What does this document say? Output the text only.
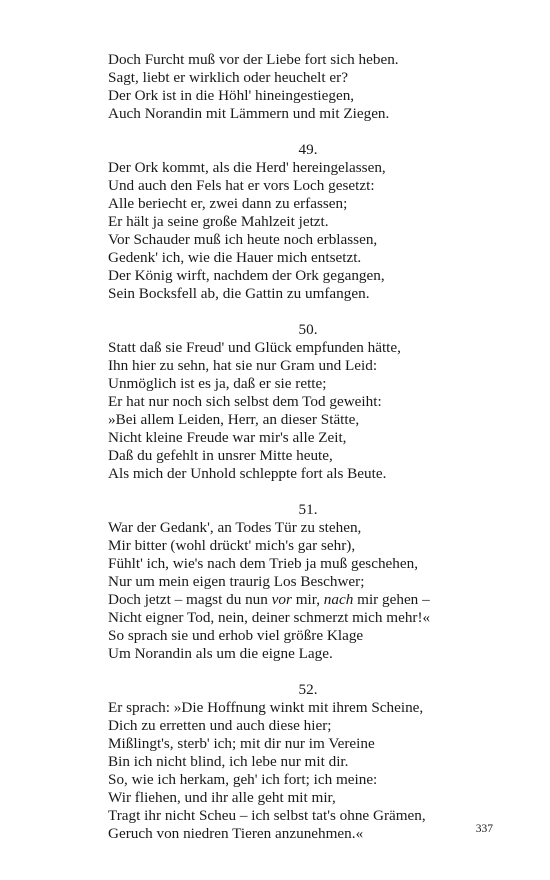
Doch Furcht muß vor der Liebe fort sich heben.
Sagt, liebt er wirklich oder heuchelt er?
Der Ork ist in die Höhl' hineingestiegen,
Auch Norandin mit Lämmern und mit Ziegen.
49.
Der Ork kommt, als die Herd' hereingelassen,
Und auch den Fels hat er vors Loch gesetzt:
Alle beriecht er, zwei dann zu erfassen;
Er hält ja seine große Mahlzeit jetzt.
Vor Schauder muß ich heute noch erblassen,
Gedenk' ich, wie die Hauer mich entsetzt.
Der König wirft, nachdem der Ork gegangen,
Sein Bocksfell ab, die Gattin zu umfangen.
50.
Statt daß sie Freud' und Glück empfunden hätte,
Ihn hier zu sehn, hat sie nur Gram und Leid:
Unmöglich ist es ja, daß er sie rette;
Er hat nur noch sich selbst dem Tod geweiht:
»Bei allem Leiden, Herr, an dieser Stätte,
Nicht kleine Freude war mir's alle Zeit,
Daß du gefehlt in unsrer Mitte heute,
Als mich der Unhold schleppte fort als Beute.
51.
War der Gedank', an Todes Tür zu stehen,
Mir bitter (wohl drückt' mich's gar sehr),
Fühlt' ich, wie's nach dem Trieb ja muß geschehen,
Nur um mein eigen traurig Los Beschwer;
Doch jetzt – magst du nun vor mir, nach mir gehen –
Nicht eigner Tod, nein, deiner schmerzt mich mehr!«
So sprach sie und erhob viel größre Klage
Um Norandin als um die eigne Lage.
52.
Er sprach: »Die Hoffnung winkt mit ihrem Scheine,
Dich zu erretten und auch diese hier;
Mißlingt's, sterb' ich; mit dir nur im Vereine
Bin ich nicht blind, ich lebe nur mit dir.
So, wie ich herkam, geh' ich fort; ich meine:
Wir fliehen, und ihr alle geht mit mir,
Tragt ihr nicht Scheu – ich selbst tat's ohne Grämen,
Geruch von niedren Tieren anzunehmen.«	337
